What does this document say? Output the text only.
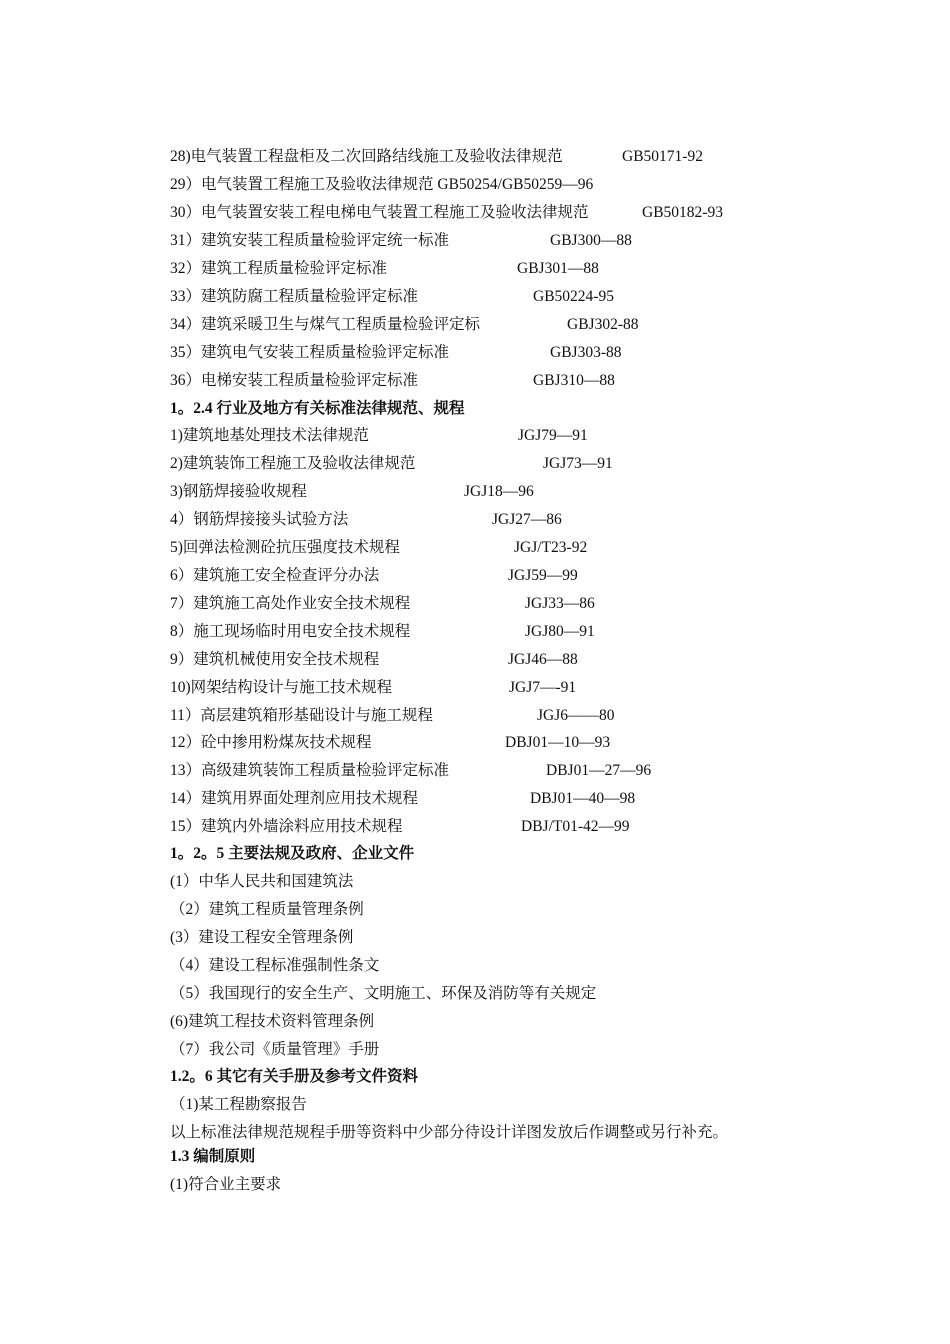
28)电气装置工程盘柜及二次回路结线施工及验收法律规范	GB50171-92
29）电气装置工程施工及验收法律规范 GB50254/GB50259—96
30）电气装置安装工程电梯电气装置工程施工及验收法律规范	GB50182-93
31）建筑安装工程质量检验评定统一标准	GBJ300—88
32）建筑工程质量检验评定标准	GBJ301—88
33）建筑防腐工程质量检验评定标准	GB50224-95
34）建筑采暖卫生与煤气工程质量检验评定标	GBJ302-88
35）建筑电气安装工程质量检验评定标准	GBJ303-88
36）电梯安装工程质量检验评定标准	GBJ310—88
1。2.4 行业及地方有关标准法律规范、规程
1)建筑地基处理技术法律规范	JGJ79—91
2)建筑装饰工程施工及验收法律规范	JGJ73—91
3)钢筋焊接验收规程	JGJ18—96
4）钢筋焊接接头试验方法	JGJ27—86
5)回弹法检测砼抗压强度技术规程	JGJ/T23-92
6）建筑施工安全检查评分办法	JGJ59—99
7）建筑施工高处作业安全技术规程	JGJ33—86
8）施工现场临时用电安全技术规程	JGJ80—91
9）建筑机械使用安全技术规程	JGJ46—88
10)网架结构设计与施工技术规程	JGJ7—-91
11）高层建筑箱形基础设计与施工规程	JGJ6——80
12）砼中掺用粉煤灰技术规程	DBJ01—10—93
13）高级建筑装饰工程质量检验评定标准	DBJ01—27—96
14）建筑用界面处理剂应用技术规程	DBJ01—40—98
15）建筑内外墙涂料应用技术规程	DBJ/T01-42—99
1。2。5 主要法规及政府、企业文件
(1）中华人民共和国建筑法
（2）建筑工程质量管理条例
(3）建设工程安全管理条例
（4）建设工程标准强制性条文
（5）我国现行的安全生产、文明施工、环保及消防等有关规定
(6)建筑工程技术资料管理条例
（7）我公司《质量管理》手册
1.2。6 其它有关手册及参考文件资料
（1)某工程勘察报告
以上标准法律规范规程手册等资料中少部分待设计详图发放后作调整或另行补充。
1.3 编制原则
(1)符合业主要求
